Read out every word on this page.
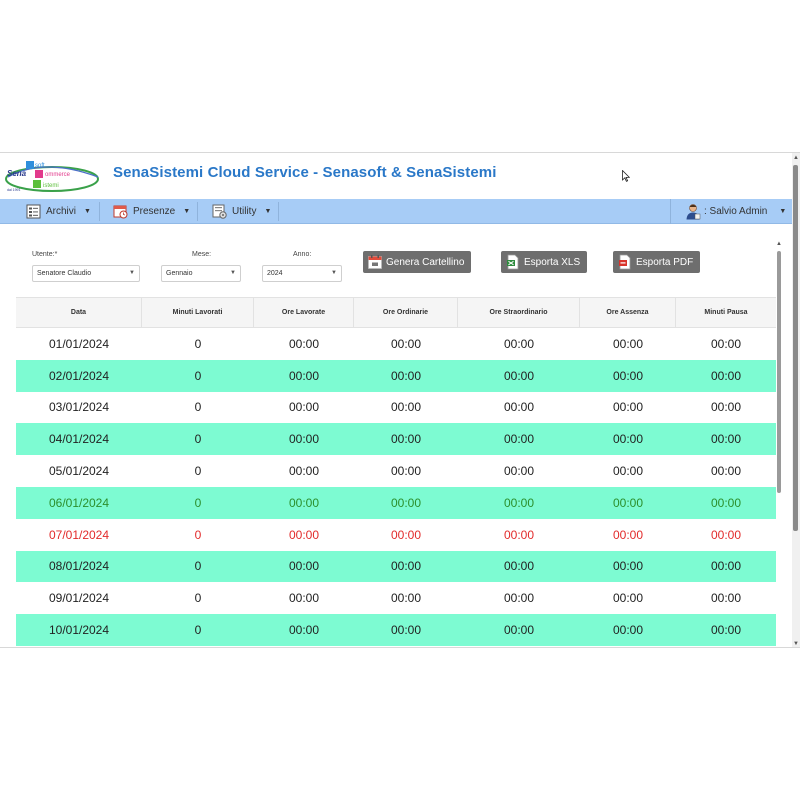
Sena
soft
ommerce
istemi
dal 1991
SenaSistemi Cloud Service - Senasoft & SenaSistemi
Archivi ▼	Presenze ▼	Utility ▼	: Salvio Admin ▼
Utente:*
Senatore Claudio	▼
Mese:
Gennaio	▼
Anno:
2024	▼
Genera Cartellino	Esporta XLS	Esporta PDF
Data	Minuti Lavorati	Ore Lavorate	Ore Ordinarie	Ore Straordinario	Ore Assenza	Minuti Pausa
01/01/2024	0	00:00	00:00	00:00	00:00	00:00
02/01/2024	0	00:00	00:00	00:00	00:00	00:00
03/01/2024	0	00:00	00:00	00:00	00:00	00:00
04/01/2024	0	00:00	00:00	00:00	00:00	00:00
05/01/2024	0	00:00	00:00	00:00	00:00	00:00
06/01/2024	0	00:00	00:00	00:00	00:00	00:00
07/01/2024	0	00:00	00:00	00:00	00:00	00:00
08/01/2024	0	00:00	00:00	00:00	00:00	00:00
09/01/2024	0	00:00	00:00	00:00	00:00	00:00
10/01/2024	0	00:00	00:00	00:00	00:00	00:00
▲
▲
▼
